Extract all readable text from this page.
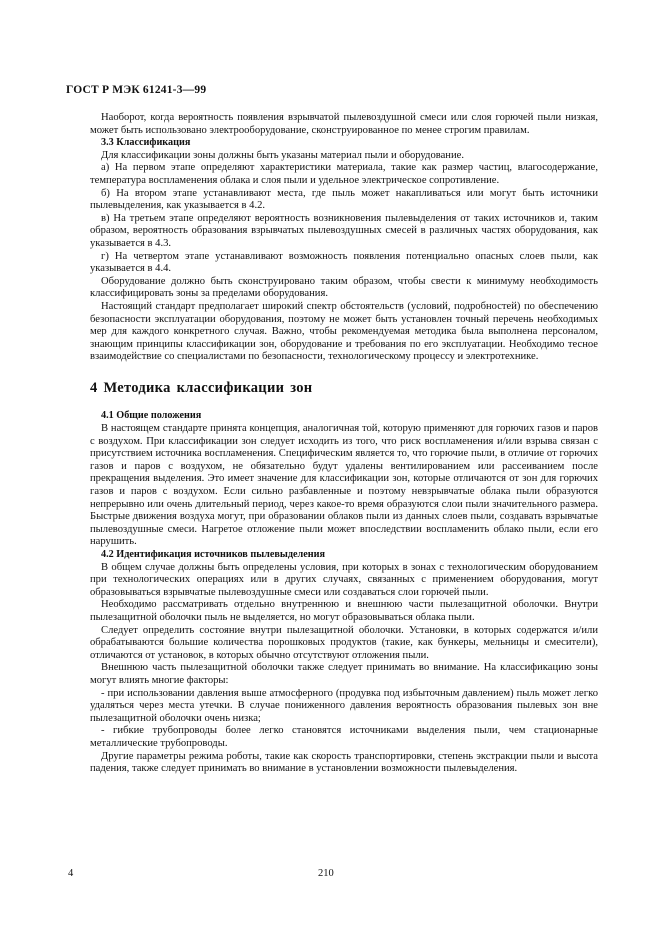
ГОСТ Р МЭК 61241-3—99

Наоборот, когда вероятность появления взрывчатой пылевоздушной смеси или слоя горючей пыли низкая, может быть использовано электрооборудование, сконструированное по менее строгим правилам.

3.3 Классификация

Для классификации зоны должны быть указаны материал пыли и оборудование.

а) На первом этапе определяют характеристики материала, такие как размер частиц, влагосодержание, температура воспламенения облака и слоя пыли и удельное электрическое сопротивление.

б) На втором этапе устанавливают места, где пыль может накапливаться или могут быть источники пылевыделения, как указывается в 4.2.

в) На третьем этапе определяют вероятность возникновения пылевыделения от таких источников и, таким образом, вероятность образования взрывчатых пылевоздушных смесей в различных частях оборудования, как указывается в 4.3.

г) На четвертом этапе устанавливают возможность появления потенциально опасных слоев пыли, как указывается в 4.4.

Оборудование должно быть сконструировано таким образом, чтобы свести к минимуму необходимость классифицировать зоны за пределами оборудования.

Настоящий стандарт предполагает широкий спектр обстоятельств (условий, подробностей) по обеспечению безопасности эксплуатации оборудования, поэтому не может быть установлен точный перечень необходимых мер для каждого конкретного случая. Важно, чтобы рекомендуемая методика была выполнена персоналом, знающим принципы классификации зон, оборудование и требования по его эксплуатации. Необходимо тесное взаимодействие со специалистами по безопасности, технологическому процессу и электротехнике.

4 Методика классификации зон

4.1 Общие положения

В настоящем стандарте принята концепция, аналогичная той, которую применяют для горючих газов и паров с воздухом. При классификации зон следует исходить из того, что риск воспламенения и/или взрыва связан с присутствием источника воспламенения. Специфическим является то, что горючие пыли, в отличие от горючих газов и паров с воздухом, не обязательно будут удалены вентилированием или рассеиванием после прекращения выделения. Это имеет значение для классификации зон, которые отличаются от зон для горючих газов и паров с воздухом. Если сильно разбавленные и поэтому невзрывчатые облака пыли образуются непрерывно или очень длительный период, через какое-то время образуются слои пыли значительного размера. Быстрые движения воздуха могут, при образовании облаков пыли из данных слоев пыли, создавать взрывчатые пылевоздушные смеси. Нагретое отложение пыли может впоследствии воспламенить облако пыли, если его нарушить.

4.2 Идентификация источников пылевыделения

В общем случае должны быть определены условия, при которых в зонах с технологическим оборудованием при технологических операциях или в других случаях, связанных с применением оборудования, могут образовываться взрывчатые пылевоздушные смеси или создаваться слои горючей пыли.

Необходимо рассматривать отдельно внутреннюю и внешнюю части пылезащитной оболочки. Внутри пылезащитной оболочки пыль не выделяется, но могут образовываться облака пыли.

Следует определить состояние внутри пылезащитной оболочки. Установки, в которых содержатся и/или обрабатываются большие количества порошковых продуктов (такие, как бункеры, мельницы и смесители), отличаются от установок, в которых обычно отсутствуют отложения пыли.

Внешнюю часть пылезащитной оболочки также следует принимать во внимание. На классификацию зоны могут влиять многие факторы:

- при использовании давления выше атмосферного (продувка под избыточным давлением) пыль может легко удаляться через места утечки. В случае пониженного давления вероятность образования пылевых зон вне пылезащитной оболочки очень низка;

- гибкие трубопроводы более легко становятся источниками выделения пыли, чем стационарные металлические трубопроводы.

Другие параметры режима роботы, такие как скорость транспортировки, степень экстракции пыли и высота падения, также следует принимать во внимание в установлении возможности пылевыделения.

4	210
